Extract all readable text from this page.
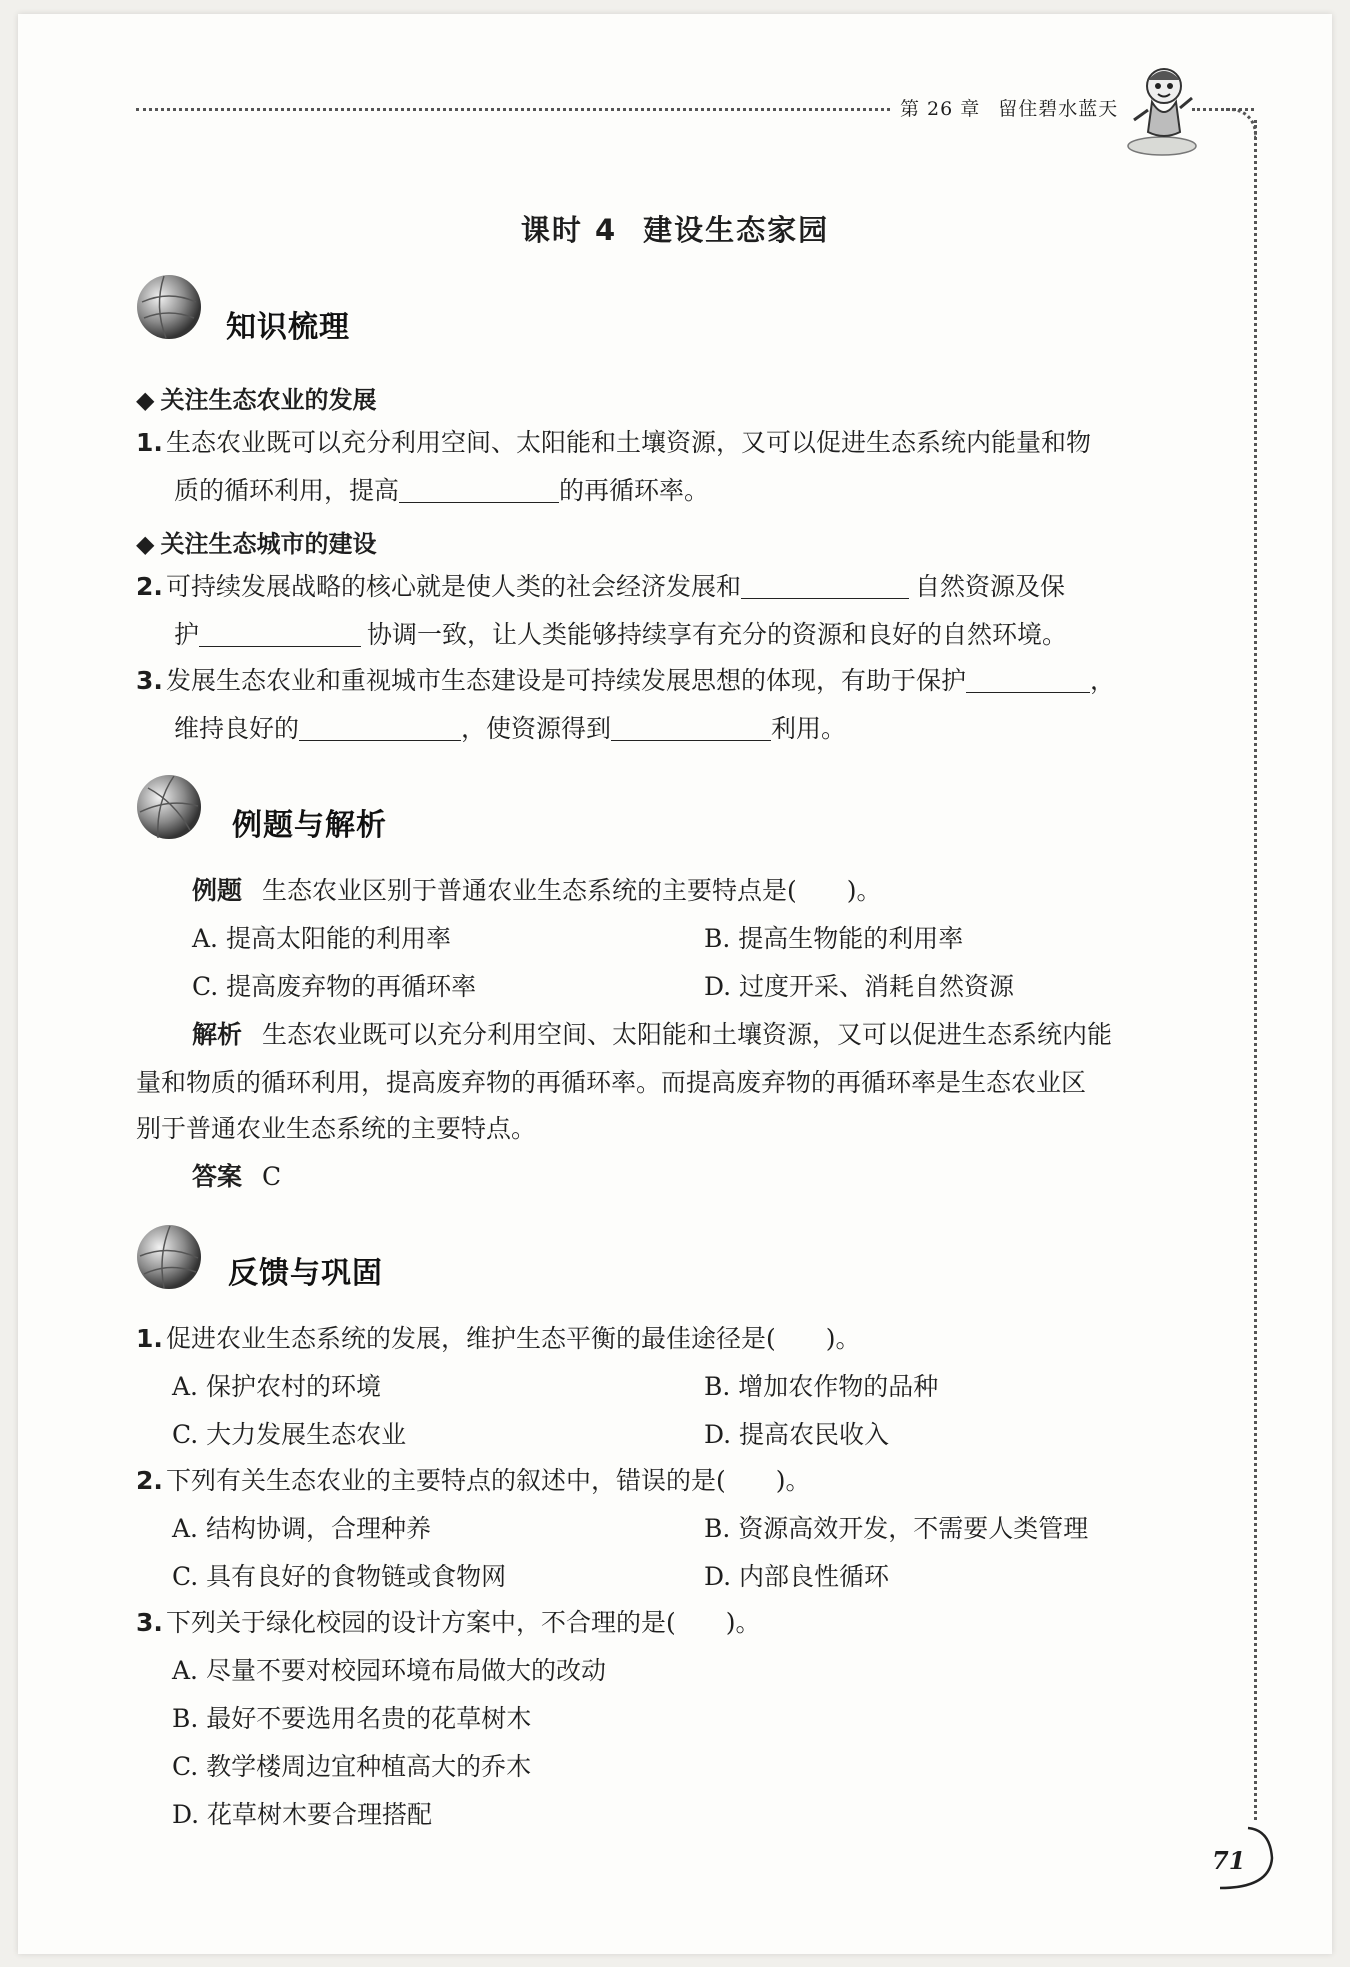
第 26 章 留住碧水蓝天
课时 4 建设生态家园
知识梳理
◆ 关注生态农业的发展
1. 生态农业既可以充分利用空间、太阳能和土壤资源，又可以促进生态系统内能量和物
质的循环利用，提高	的再循环率。
◆ 关注生态城市的建设
2. 可持续发展战略的核心就是使人类的社会经济发展和	自然资源及保
护	协调一致，让人类能够持续享有充分的资源和良好的自然环境。
3. 发展生态农业和重视城市生态建设是可持续发展思想的体现，有助于保护	，
维持良好的	，使资源得到	利用。
例题与解析
例题 生态农业区别于普通农业生态系统的主要特点是(　　)。
A. 提高太阳能的利用率	B. 提高生物能的利用率
C. 提高废弃物的再循环率	D. 过度开采、消耗自然资源
解析 生态农业既可以充分利用空间、太阳能和土壤资源，又可以促进生态系统内能
量和物质的循环利用，提高废弃物的再循环率。而提高废弃物的再循环率是生态农业区
别于普通农业生态系统的主要特点。
答案 C
反馈与巩固
1. 促进农业生态系统的发展，维护生态平衡的最佳途径是(　　)。
A. 保护农村的环境	B. 增加农作物的品种
C. 大力发展生态农业	D. 提高农民收入
2. 下列有关生态农业的主要特点的叙述中，错误的是(　　)。
A. 结构协调，合理种养	B. 资源高效开发，不需要人类管理
C. 具有良好的食物链或食物网	D. 内部良性循环
3. 下列关于绿化校园的设计方案中，不合理的是(　　)。
A. 尽量不要对校园环境布局做大的改动
B. 最好不要选用名贵的花草树木
C. 教学楼周边宜种植高大的乔木
D. 花草树木要合理搭配
71
